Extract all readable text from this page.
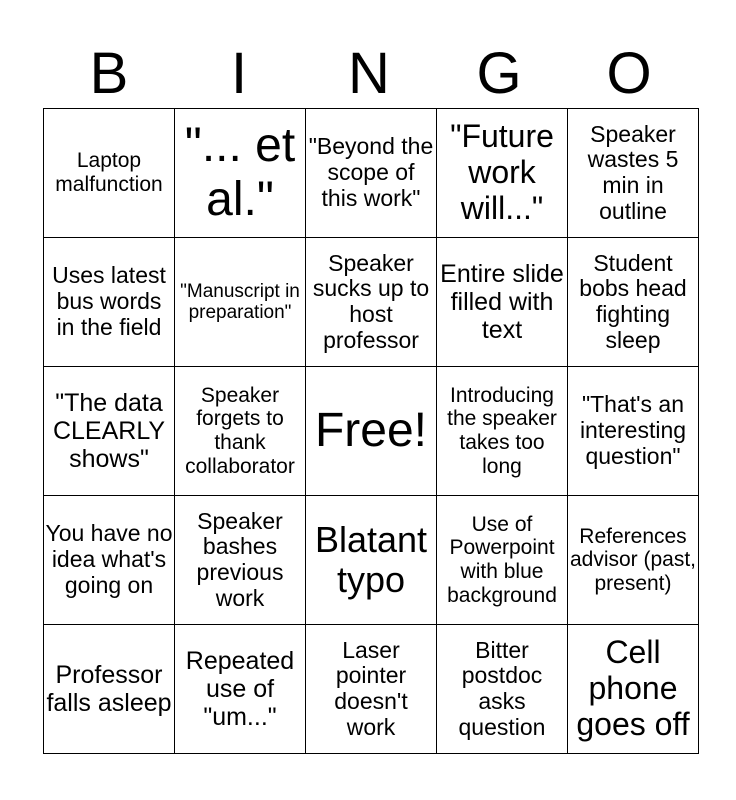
B	I	N	G	O
Laptop malfunction	"... et al."	"Beyond the scope of this work"	"Future work will..."	Speaker wastes 5 min in outline
Uses latest bus words in the field	"Manuscript in preparation"	Speaker sucks up to host professor	Entire slide filled with text	Student bobs head fighting sleep
"The data CLEARLY shows"	Speaker forgets to thank collaborator	Free!	Introducing the speaker takes too long	"That's an interesting question"
You have no idea what's going on	Speaker bashes previous work	Blatant typo	Use of Powerpoint with blue background	References advisor (past, present)
Professor falls asleep	Repeated use of "um..."	Laser pointer doesn't work	Bitter postdoc asks question	Cell phone goes off
